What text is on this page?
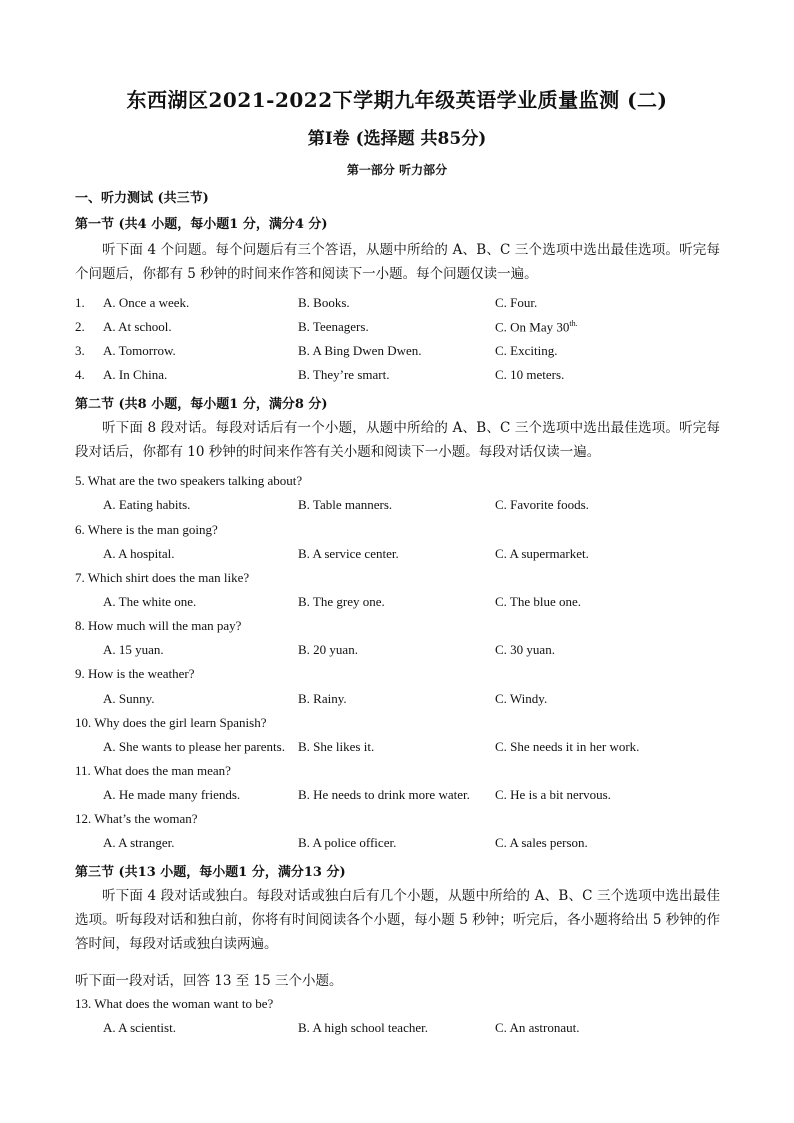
东西湖区2021-2022下学期九年级英语学业质量监测 (二)
第I卷 (选择题 共85分)
第一部分 听力部分
一、听力测试 (共三节)
第一节 (共4 小题，每小题1 分，满分4 分)
听下面 4 个问题。每个问题后有三个答语，从题中所给的 A、B、C 三个选项中选出最佳选项。听完每个问题后，你都有 5 秒钟的时间来作答和阅读下一小题。每个问题仅读一遍。
1. A. Once a week.	B. Books.	C. Four.
2. A. At school.	B. Teenagers.	C. On May $30^{th.}$
3. A. Tomorrow.	B. A Bing Dwen Dwen.	C. Exciting.
4. A. In China.	B. They’re smart.	C. 10 meters.
第二节 (共8 小题，每小题1 分，满分8 分)
听下面 8 段对话。每段对话后有一个小题，从题中所给的 A、B、C 三个选项中选出最佳选项。听完每段对话后，你都有 10 秒钟的时间来作答有关小题和阅读下一小题。每段对话仅读一遍。
5. What are the two speakers talking about?
A. Eating habits.	B. Table manners.	C. Favorite foods.
6. Where is the man going?
A. A hospital.	B. A service center.	C. A supermarket.
7. Which shirt does the man like?
A. The white one.	B. The grey one.	C. The blue one.
8. How much will the man pay?
A. 15 yuan.	B. 20 yuan.	C. 30 yuan.
9. How is the weather?
A. Sunny.	B. Rainy.	C. Windy.
10. Why does the girl learn Spanish?
A. She wants to please her parents. B. She likes it.	C. She needs it in her work.
11. What does the man mean?
A. He made many friends.	B. He needs to drink more water. C. He is a bit nervous.
12. What’s the woman?
A. A stranger.	B. A police officer.	C. A sales person.
第三节 (共13 小题，每小题1 分，满分13 分)
听下面 4 段对话或独白。每段对话或独白后有几个小题，从题中所给的 A、B、C 三个选项中选出最佳选项。听每段对话和独白前，你将有时间阅读各个小题，每小题 5 秒钟；听完后，各小题将给出 5 秒钟的作答时间，每段对话或独白读两遍。
听下面一段对话，回答 13 至 15 三个小题。
13. What does the woman want to be?
A. A scientist.	B. A high school teacher.	C. An astronaut.
